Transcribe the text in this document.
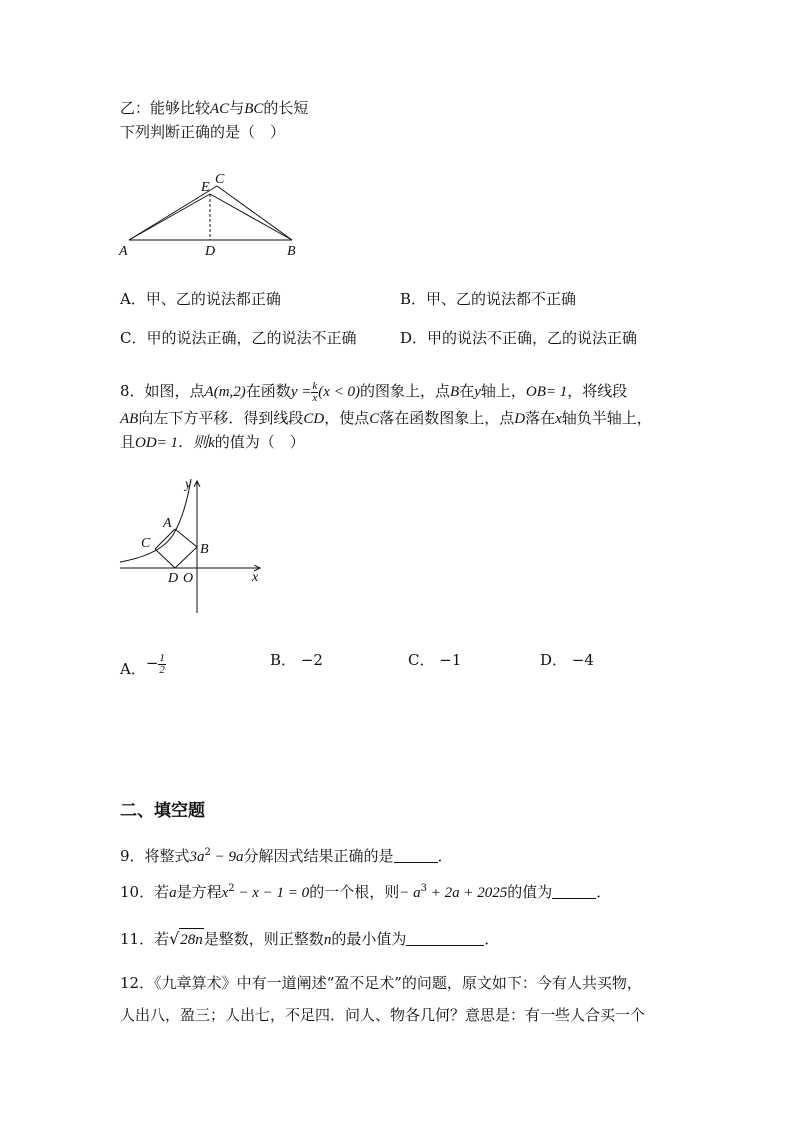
乙：能够比较AC与BC的长短
下列判断正确的是（　）
A	D	B
E
C
A．甲、乙的说法都正确	B．甲、乙的说法都不正确
C．甲的说法正确，乙的说法不正确	D．甲的说法不正确，乙的说法正确
8．如图，点A(m,2)在函数$y = \frac{k}{x} (x < 0)$的图象上，点B在y轴上，OB= 1，将线段
AB向左下方平移．得到线段CD，使点C落在函数图象上，点D落在x轴负半轴上，
且OD= 1．则k的值为（　）
y
x
A
B
C
D O
A．− $\frac{1}{2}$	B． −2	C． −1	D． −4
二、填空题
9．将整式$3a^2 - 9a$分解因式结果正确的是	．
10．若a是方程$x^2 - x - 1 = 0$的一个根，则− $a^3 + 2a + 2025$的值为	．
11．若√28n是整数，则正整数n的最小值为	．
12．《九章算术》中有一道阐述“盈不足术”的问题，原文如下：今有人共买物，
人出八，盈三；人出七，不足四．问人、物各几何？意思是：有一些人合买一个
